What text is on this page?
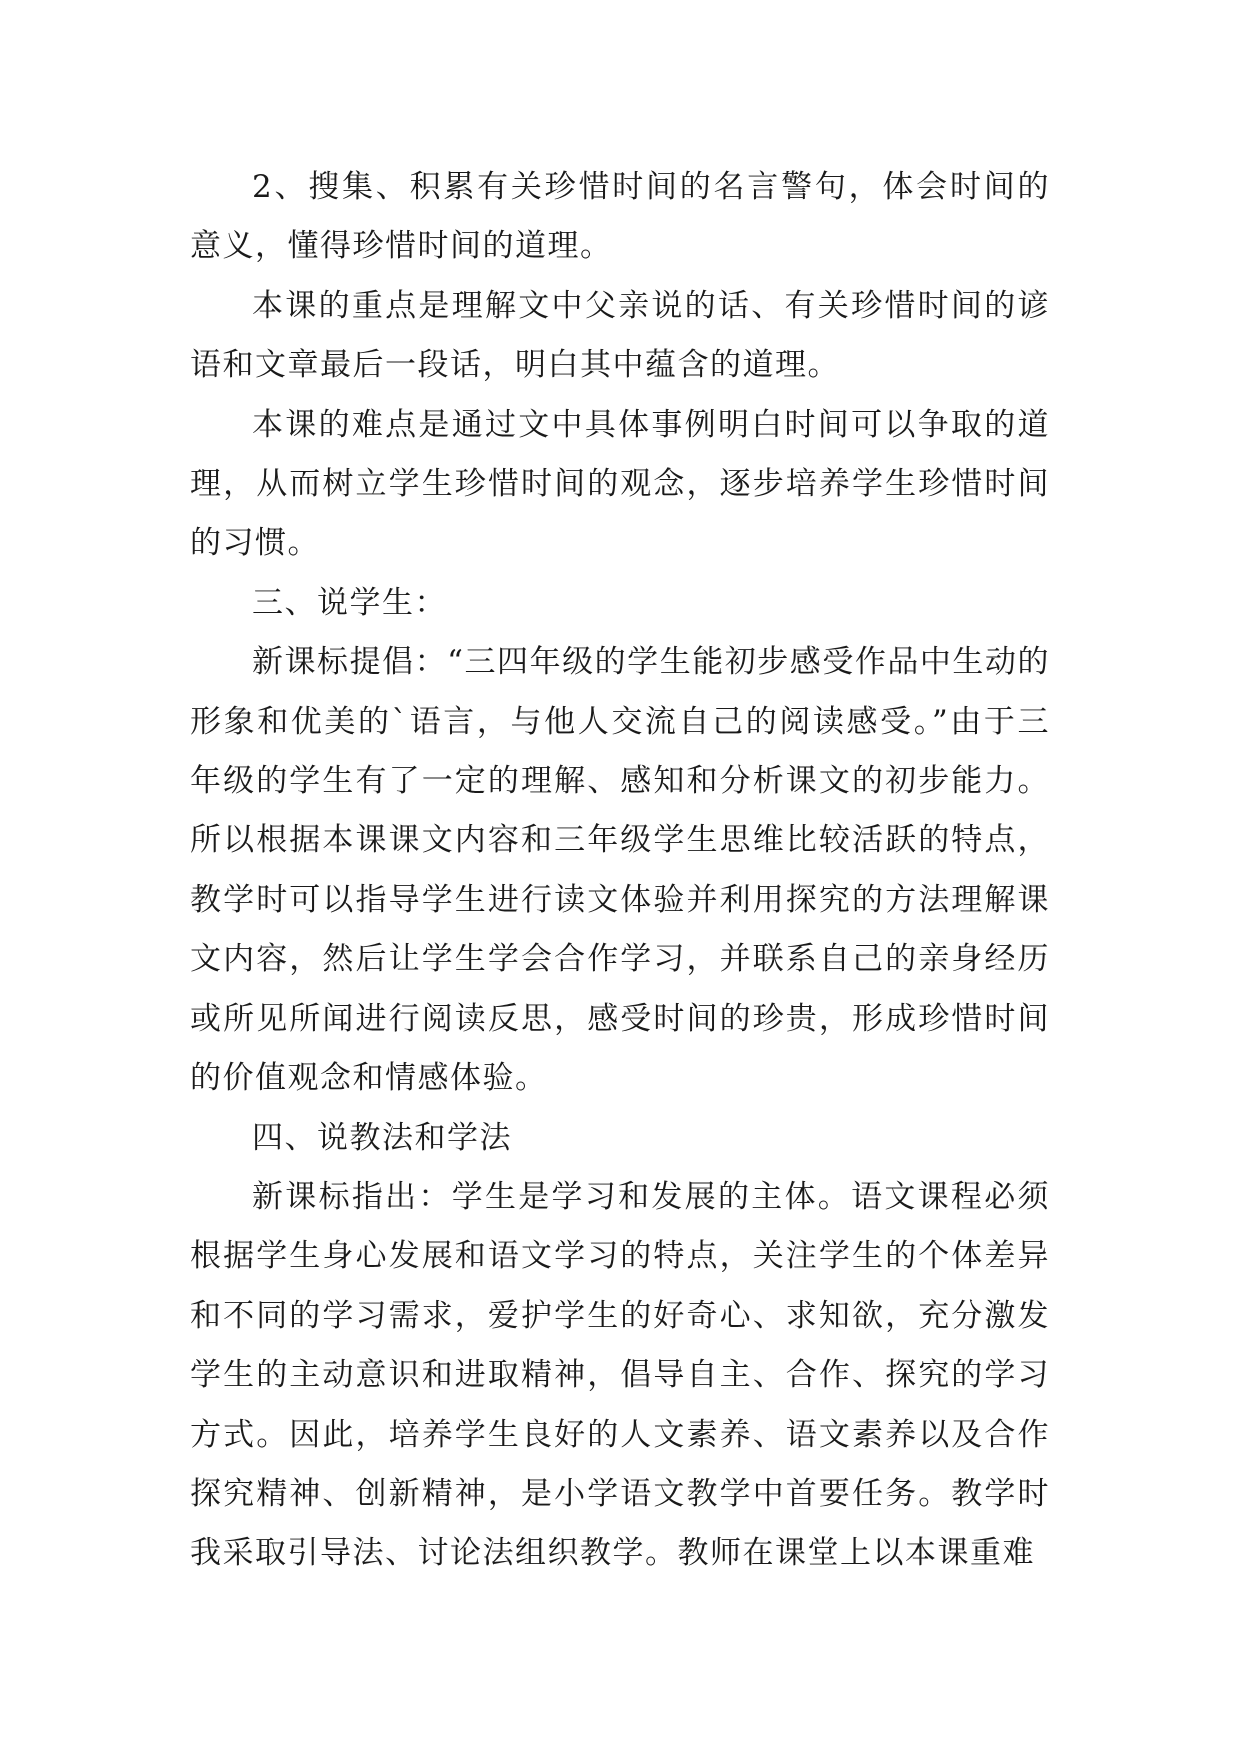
2、搜集、积累有关珍惜时间的名言警句，体会时间的意义，懂得珍惜时间的道理。

本课的重点是理解文中父亲说的话、有关珍惜时间的谚语和文章最后一段话，明白其中蕴含的道理。

本课的难点是通过文中具体事例明白时间可以争取的道理，从而树立学生珍惜时间的观念，逐步培养学生珍惜时间的习惯。

三、说学生：

新课标提倡：“三四年级的学生能初步感受作品中生动的形象和优美的`语言，与他人交流自己的阅读感受。”由于三年级的学生有了一定的理解、感知和分析课文的初步能力。所以根据本课课文内容和三年级学生思维比较活跃的特点，教学时可以指导学生进行读文体验并利用探究的方法理解课文内容，然后让学生学会合作学习，并联系自己的亲身经历或所见所闻进行阅读反思，感受时间的珍贵，形成珍惜时间的价值观念和情感体验。

四、说教法和学法

新课标指出：学生是学习和发展的主体。语文课程必须根据学生身心发展和语文学习的特点，关注学生的个体差异和不同的学习需求，爱护学生的好奇心、求知欲，充分激发学生的主动意识和进取精神，倡导自主、合作、探究的学习方式。因此，培养学生良好的人文素养、语文素养以及合作探究精神、创新精神，是小学语文教学中首要任务。教学时我采取引导法、讨论法组织教学。教师在课堂上以本课重难
